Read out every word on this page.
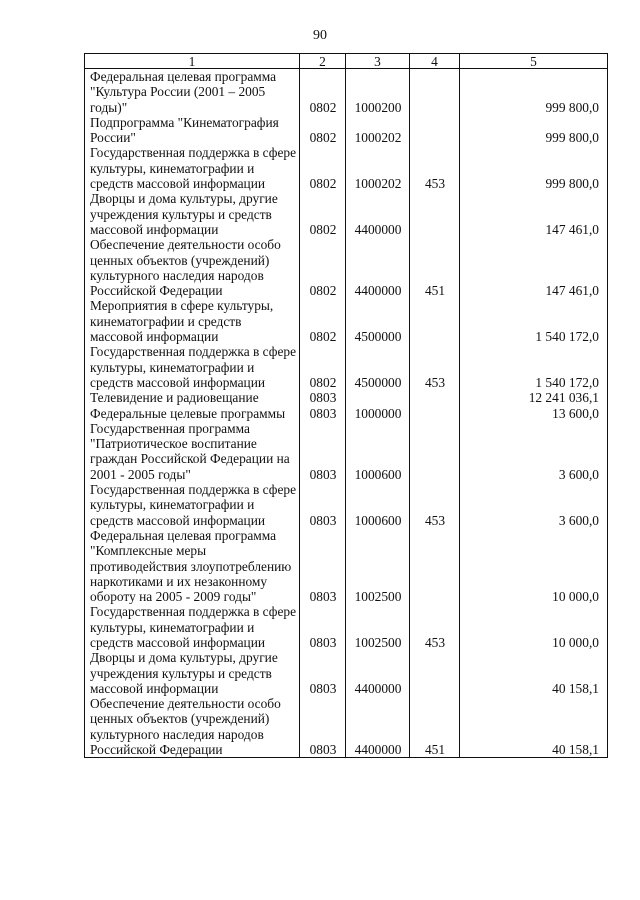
90
1	2	3	4	5
Федеральная целевая программа "Культура России (2001 – 2005 годы)"	0802	1000200		999 800,0
Подпрограмма "Кинематография России"	0802	1000202		999 800,0
Государственная поддержка в сфере культуры, кинематографии и средств массовой информации	0802	1000202	453	999 800,0
Дворцы и дома культуры, другие учреждения культуры и средств массовой информации	0802	4400000		147 461,0
Обеспечение деятельности особо ценных объектов (учреждений) культурного наследия народов Российской Федерации	0802	4400000	451	147 461,0
Мероприятия в сфере культуры, кинематографии и средств массовой информации	0802	4500000		1 540 172,0
Государственная поддержка в сфере культуры, кинематографии и средств массовой информации	0802	4500000	453	1 540 172,0
Телевидение и радиовещание	0803			12 241 036,1
Федеральные целевые программы	0803	1000000		13 600,0
Государственная программа "Патриотическое воспитание граждан Российской Федерации на 2001 - 2005 годы"	0803	1000600		3 600,0
Государственная поддержка в сфере культуры, кинематографии и средств массовой информации	0803	1000600	453	3 600,0
Федеральная целевая программа "Комплексные меры противодействия злоупотреблению наркотиками и их незаконному обороту на 2005 - 2009 годы"	0803	1002500		10 000,0
Государственная поддержка в сфере культуры, кинематографии и средств массовой информации	0803	1002500	453	10 000,0
Дворцы и дома культуры, другие учреждения культуры и средств массовой информации	0803	4400000		40 158,1
Обеспечение деятельности особо ценных объектов (учреждений) культурного наследия народов Российской Федерации	0803	4400000	451	40 158,1
